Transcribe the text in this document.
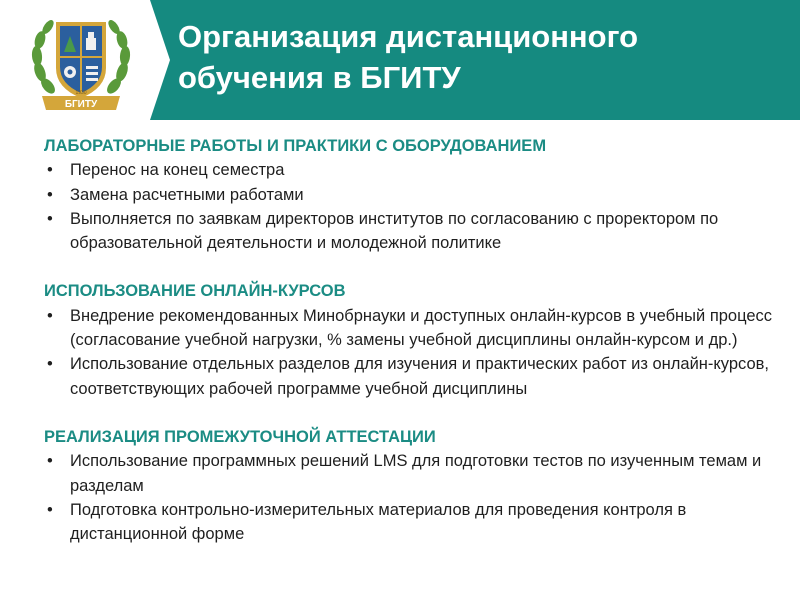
БГИТУ
1930
Организация дистанционного
обучения в БГИТУ
ЛАБОРАТОРНЫЕ РАБОТЫ И ПРАКТИКИ С ОБОРУДОВАНИЕМ
• Перенос на конец семестра
• Замена расчетными работами
• Выполняется по заявкам директоров институтов по согласованию с проректором по образовательной деятельности и молодежной политике
ИСПОЛЬЗОВАНИЕ ОНЛАЙН-КУРСОВ
• Внедрение рекомендованных Минобрнауки и доступных онлайн-курсов в учебный процесс (согласование учебной нагрузки, % замены учебной дисциплины онлайн-курсом и др.)
• Использование отдельных разделов для изучения и практических работ из онлайн-курсов, соответствующих рабочей программе учебной дисциплины
РЕАЛИЗАЦИЯ ПРОМЕЖУТОЧНОЙ АТТЕСТАЦИИ
• Использование программных решений LMS для подготовки тестов по изученным темам и разделам
• Подготовка контрольно-измерительных материалов для проведения контроля в дистанционной форме
